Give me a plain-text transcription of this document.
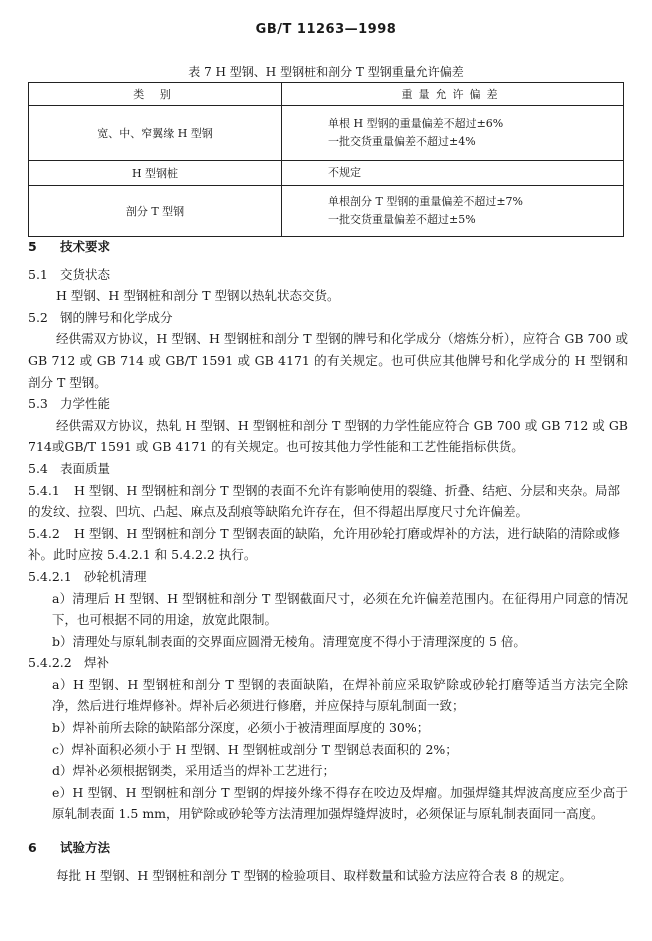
GB/T 11263—1998
表 7 H 型钢、H 型钢桩和剖分 T 型钢重量允许偏差
类 别	重量允许偏差
宽、中、窄翼缘 H 型钢	单根 H 型钢的重量偏差不超过±6%
一批交货重量偏差不超过±4%

H 型钢桩	不规定

剖分 T 型钢	单根剖分 T 型钢的重量偏差不超过±7%
一批交货重量偏差不超过±5%
5 技术要求
5.1 交货状态

H 型钢、H 型钢桩和剖分 T 型钢以热轧状态交货。

5.2 钢的牌号和化学成分

经供需双方协议，H 型钢、H 型钢桩和剖分 T 型钢的牌号和化学成分（熔炼分析），应符合 GB 700 或 GB 712 或 GB 714 或 GB/T 1591 或 GB 4171 的有关规定。也可供应其他牌号和化学成分的 H 型钢和剖分 T 型钢。

5.3 力学性能

经供需双方协议，热轧 H 型钢、H 型钢桩和剖分 T 型钢的力学性能应符合 GB 700 或 GB 712 或 GB 714或GB/T 1591 或 GB 4171 的有关规定。也可按其他力学性能和工艺性能指标供货。

5.4 表面质量

5.4.1 H 型钢、H 型钢桩和剖分 T 型钢的表面不允许有影响使用的裂缝、折叠、结疤、分层和夹杂。局部的发纹、拉裂、凹坑、凸起、麻点及刮痕等缺陷允许存在，但不得超出厚度尺寸允许偏差。

5.4.2 H 型钢、H 型钢桩和剖分 T 型钢表面的缺陷，允许用砂轮打磨或焊补的方法，进行缺陷的清除或修补。此时应按 5.4.2.1 和 5.4.2.2 执行。

5.4.2.1 砂轮机清理

a）清理后 H 型钢、H 型钢桩和剖分 T 型钢截面尺寸，必须在允许偏差范围内。在征得用户同意的情况下，也可根据不同的用途，放宽此限制。

b）清理处与原轧制表面的交界面应圆滑无棱角。清理宽度不得小于清理深度的 5 倍。

5.4.2.2 焊补

a）H 型钢、H 型钢桩和剖分 T 型钢的表面缺陷，在焊补前应采取铲除或砂轮打磨等适当方法完全除净，然后进行堆焊修补。焊补后必须进行修磨，并应保持与原轧制面一致；

b）焊补前所去除的缺陷部分深度，必须小于被清理面厚度的 30%；

c）焊补面积必须小于 H 型钢、H 型钢桩或剖分 T 型钢总表面积的 2%；

d）焊补必须根据钢类，采用适当的焊补工艺进行；

e）H 型钢、H 型钢桩和剖分 T 型钢的焊接外缘不得存在咬边及焊瘤。加强焊缝其焊波高度应至少高于原轧制表面 1.5 mm，用铲除或砂轮等方法清理加强焊缝焊波时，必须保证与原轧制表面同一高度。

6 试验方法

每批 H 型钢、H 型钢桩和剖分 T 型钢的检验项目、取样数量和试验方法应符合表 8 的规定。
